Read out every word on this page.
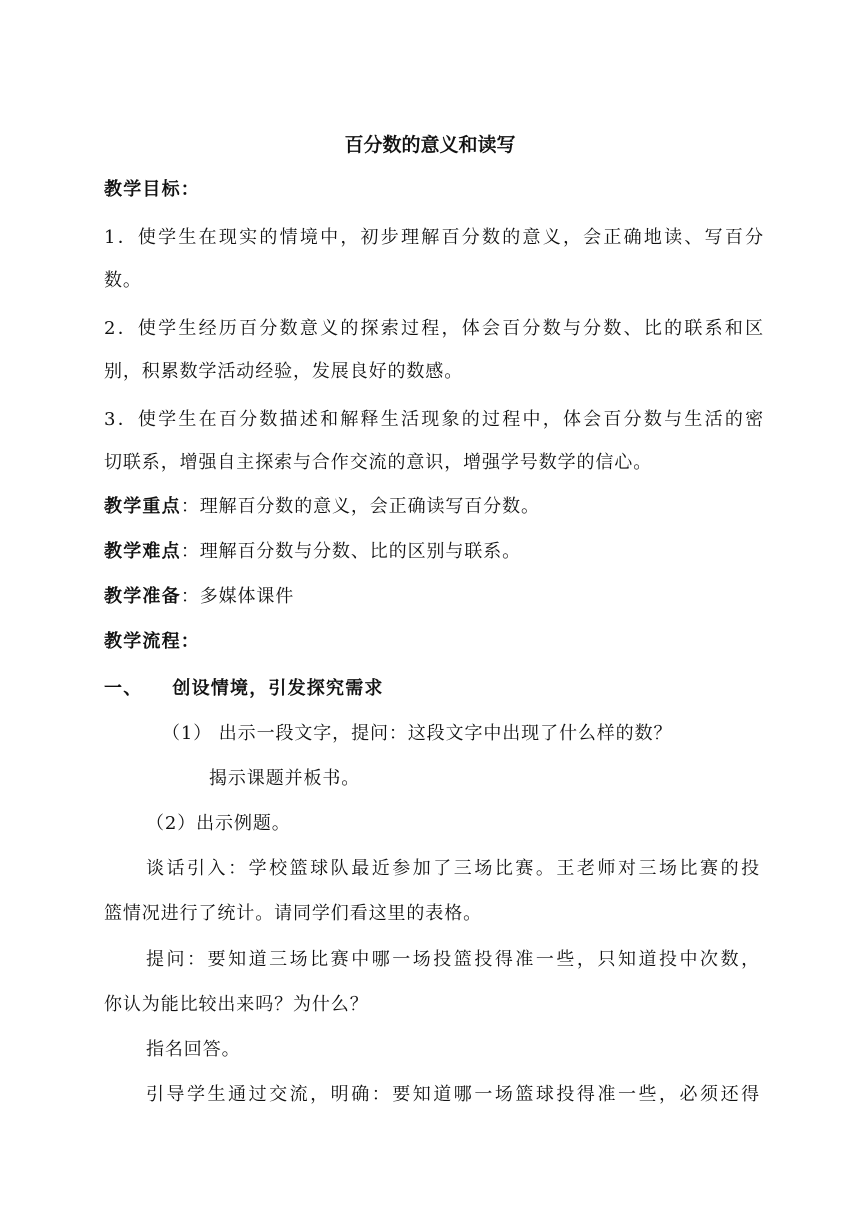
百分数的意义和读写
教学目标：
1．使学生在现实的情境中，初步理解百分数的意义，会正确地读、写百分
数。
2．使学生经历百分数意义的探索过程，体会百分数与分数、比的联系和区
别，积累数学活动经验，发展良好的数感。
3．使学生在百分数描述和解释生活现象的过程中，体会百分数与生活的密
切联系，增强自主探索与合作交流的意识，增强学号数学的信心。
教学重点：理解百分数的意义，会正确读写百分数。
教学难点：理解百分数与分数、比的区别与联系。
教学准备：多媒体课件
教学流程：
一、 创设情境，引发探究需求
（1） 出示一段文字，提问：这段文字中出现了什么样的数？
揭示课题并板书。
（2）出示例题。
谈话引入：学校篮球队最近参加了三场比赛。王老师对三场比赛的投
篮情况进行了统计。请同学们看这里的表格。
提问：要知道三场比赛中哪一场投篮投得准一些，只知道投中次数，
你认为能比较出来吗？为什么？
指名回答。
引导学生通过交流，明确：要知道哪一场篮球投得准一些，必须还得
